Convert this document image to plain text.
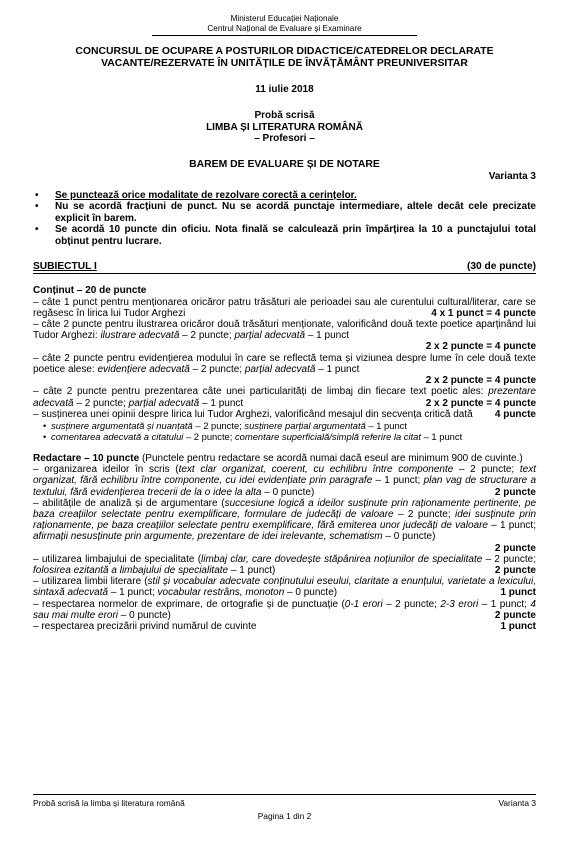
Ministerul Educației Naționale
Centrul Național de Evaluare și Examinare
CONCURSUL DE OCUPARE A POSTURILOR DIDACTICE/CATEDRELOR DECLARATE
VACANTE/REZERVATE ÎN UNITĂȚILE DE ÎNVĂȚĂMÂNT PREUNIVERSITAR
11 iulie 2018
Probă scrisă
LIMBA ȘI LITERATURA ROMÂNĂ
– Profesori –
BAREM DE EVALUARE ȘI DE NOTARE
Varianta 3
• Se punctează orice modalitate de rezolvare corectă a cerințelor.
• Nu se acordă fracțiuni de punct. Nu se acordă punctaje intermediare, altele decât cele precizate explicit în barem.
• Se acordă 10 puncte din oficiu. Nota finală se calculează prin împărțirea la 10 a punctajului total obținut pentru lucrare.
SUBIECTUL I	(30 de puncte)
Conținut – 20 de puncte
– câte 1 punct pentru menționarea oricăror patru trăsături ale perioadei sau ale curentului cultural/literar, care se regăsesc în lirica lui Tudor Arghezi	4 x 1 punct = 4 puncte
– câte 2 puncte pentru ilustrarea oricăror două trăsături menționate, valorificând două texte poetice aparținând lui Tudor Arghezi: ilustrare adecvată – 2 puncte; parțial adecvată – 1 punct
2 x 2 puncte = 4 puncte
– câte 2 puncte pentru evidențierea modului în care se reflectă tema și viziunea despre lume în cele două texte poetice alese: evidențiere adecvată – 2 puncte; parțial adecvată – 1 punct
2 x 2 puncte = 4 puncte
– câte 2 puncte pentru prezentarea câte unei particularități de limbaj din fiecare text poetic ales: prezentare adecvată – 2 puncte; parțial adecvată – 1 punct	2 x 2 puncte = 4 puncte
– susținerea unei opinii despre lirica lui Tudor Arghezi, valorificând mesajul din secvența critică dată 4 puncte
• susținere argumentată și nuanțată – 2 puncte; susținere parțial argumentată – 1 punct
• comentarea adecvată a citatului – 2 puncte; comentare superficială/simplă referire la citat – 1 punct
Redactare – 10 puncte (Punctele pentru redactare se acordă numai dacă eseul are minimum 900 de cuvinte.)
– organizarea ideilor în scris (text clar organizat, coerent, cu echilibru între componente – 2 puncte; text organizat, fără echilibru între componente, cu idei evidențiate prin paragrafe – 1 punct; plan vag de structurare a textului, fără evidențierea trecerii de la o idee la alta – 0 puncte)	2 puncte
– abilitățile de analiză și de argumentare (succesiune logică a ideilor susținute prin raționamente pertinente, pe baza creațiilor selectate pentru exemplificare, formulare de judecăți de valoare – 2 puncte; idei susținute prin raționamente, pe baza creațiilor selectate pentru exemplificare, fără emiterea unor judecăți de valoare – 1 punct; afirmații nesusținute prin argumente, prezentare de idei irelevante, schematism – 0 puncte)
2 puncte
– utilizarea limbajului de specialitate (limbaj clar, care dovedește stăpânirea noțiunilor de specialitate – 2 puncte; folosirea ezitantă a limbajului de specialitate – 1 punct)	2 puncte
– utilizarea limbii literare (stil și vocabular adecvate conținutului eseului, claritate a enunțului, varietate a lexicului, sintaxă adecvată – 1 punct; vocabular restrâns, monoton – 0 puncte)	1 punct
– respectarea normelor de exprimare, de ortografie și de punctuație (0-1 erori – 2 puncte; 2-3 erori – 1 punct; 4 sau mai multe erori – 0 puncte)	2 puncte
– respectarea precizării privind numărul de cuvinte	1 punct
Probă scrisă la limba și literatura română	Varianta 3
Pagina 1 din 2
